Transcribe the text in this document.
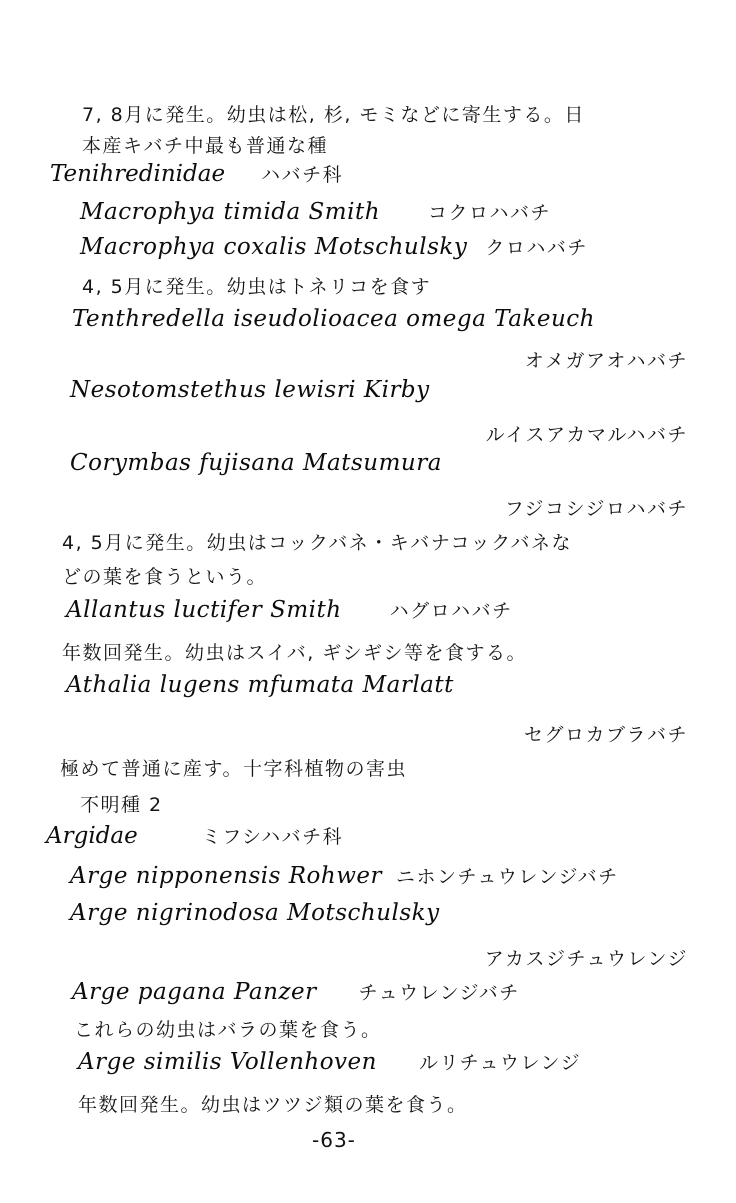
7, 8月に発生。幼虫は松, 杉, モミなどに寄生する。日
本産キバチ中最も普通な種
Tenihredinidae ハバチ科
Macrophya timida Smith	コクロハバチ
Macrophya coxalis Motschulsky クロハバチ
4, 5月に発生。幼虫はトネリコを食す
Tenthredella iseudolioacea omega Takeuch
オメガアオハバチ
Nesotomstethus lewisri Kirby
ルイスアカマルハバチ
Corymbas fujisana Matsumura
フジコシジロハバチ
4, 5月に発生。幼虫はコックバネ・キバナコックバネな
どの葉を食うという。
Allantus luctifer Smith	ハグロハバチ
年数回発生。幼虫はスイバ, ギシギシ等を食する。
Athalia lugens mfumata Marlatt
セグロカブラバチ
極めて普通に産す。十字科植物の害虫
不明種 2
Argidae	ミフシハバチ科
Arge nipponensis Rohwer ニホンチュウレンジバチ
Arge nigrinodosa Motschulsky
アカスジチュウレンジ
Arge pagana Panzer チュウレンジバチ
これらの幼虫はバラの葉を食う。
Arge similis Vollenhoven ルリチュウレンジ
年数回発生。幼虫はツツジ類の葉を食う。
-63-
